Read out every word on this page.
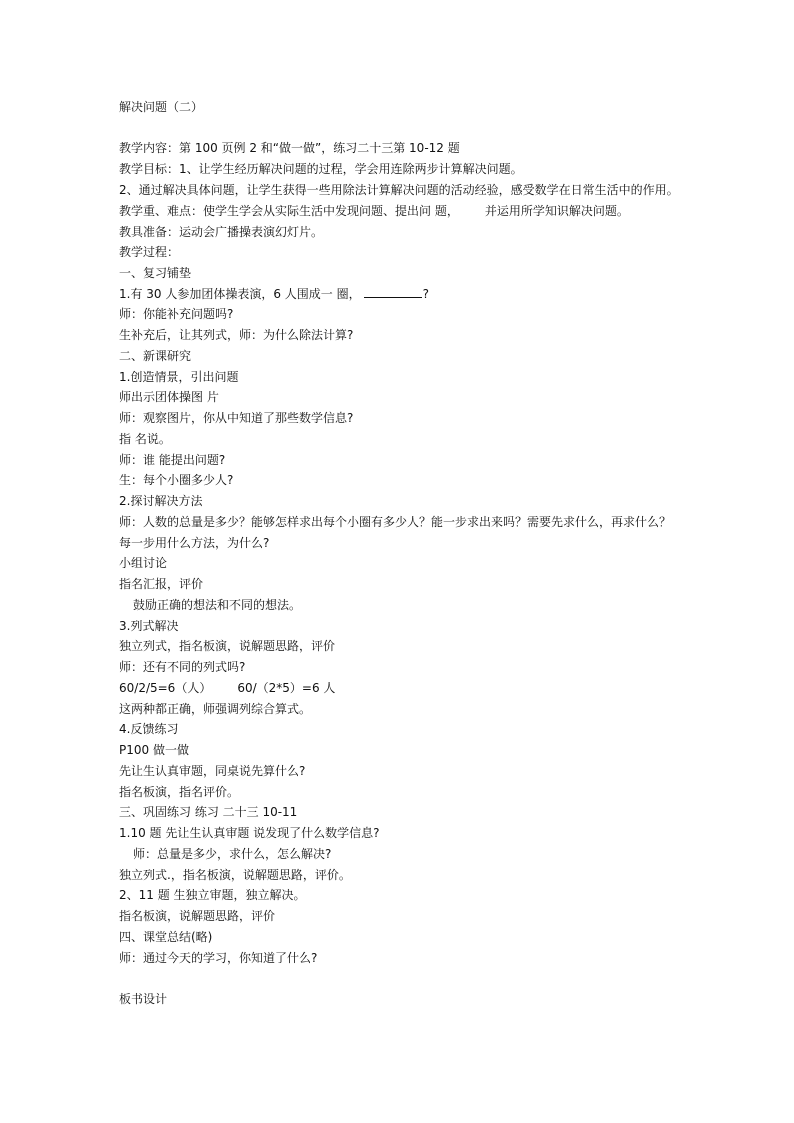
解决问题（二）
教学内容：第 100 页例 2 和“做一做”，练习二十三第 10-12 题
教学目标：1、让学生经历解决问题的过程，学会用连除两步计算解决问题。
2、通过解决具体问题，让学生获得一些用除法计算解决问题的活动经验，感受数学在日常生活中的作用。
教学重、难点：使学生学会从实际生活中发现问题、提出问 题， 并运用所学知识解决问题。
教具准备：运动会广播操表演幻灯片。
教学过程：
一、复习铺垫
1.有 30 人参加团体操表演，6 人围成一 圈，	?
师：你能补充问题吗?
生补充后，让其列式，师：为什么除法计算?
二、新课研究
1.创造情景，引出问题
师出示团体操图 片
师：观察图片，你从中知道了那些数学信息?
指 名说。
师：谁 能提出问题?
生：每个小圈多少人?
2.探讨解决方法
师：人数的总量是多少？能够怎样求出每个小圈有多少人？能一步求出来吗？需要先求什么，再求什么？
每一步用什么方法，为什么?
小组讨论
指名汇报，评价
鼓励正确的想法和不同的想法。
3.列式解决
独立列式，指名板演，说解题思路，评价
师：还有不同的列式吗?
60/2/5=6（人） 60/（2*5）=6 人
这两种都正确，师强调列综合算式。
4.反馈练习
P100 做一做
先让生认真审题，同桌说先算什么?
指名板演，指名评价。
三、巩固练习 练习 二十三 10-11
1.10 题 先让生认真审题 说发现了什么数学信息?
师：总量是多少，求什么，怎么解决?
独立列式.，指名板演，说解题思路，评价。
2、11 题 生独立审题，独立解决。
指名板演，说解题思路，评价
四、课堂总结(略)
师：通过今天的学习，你知道了什么?
板书设计
